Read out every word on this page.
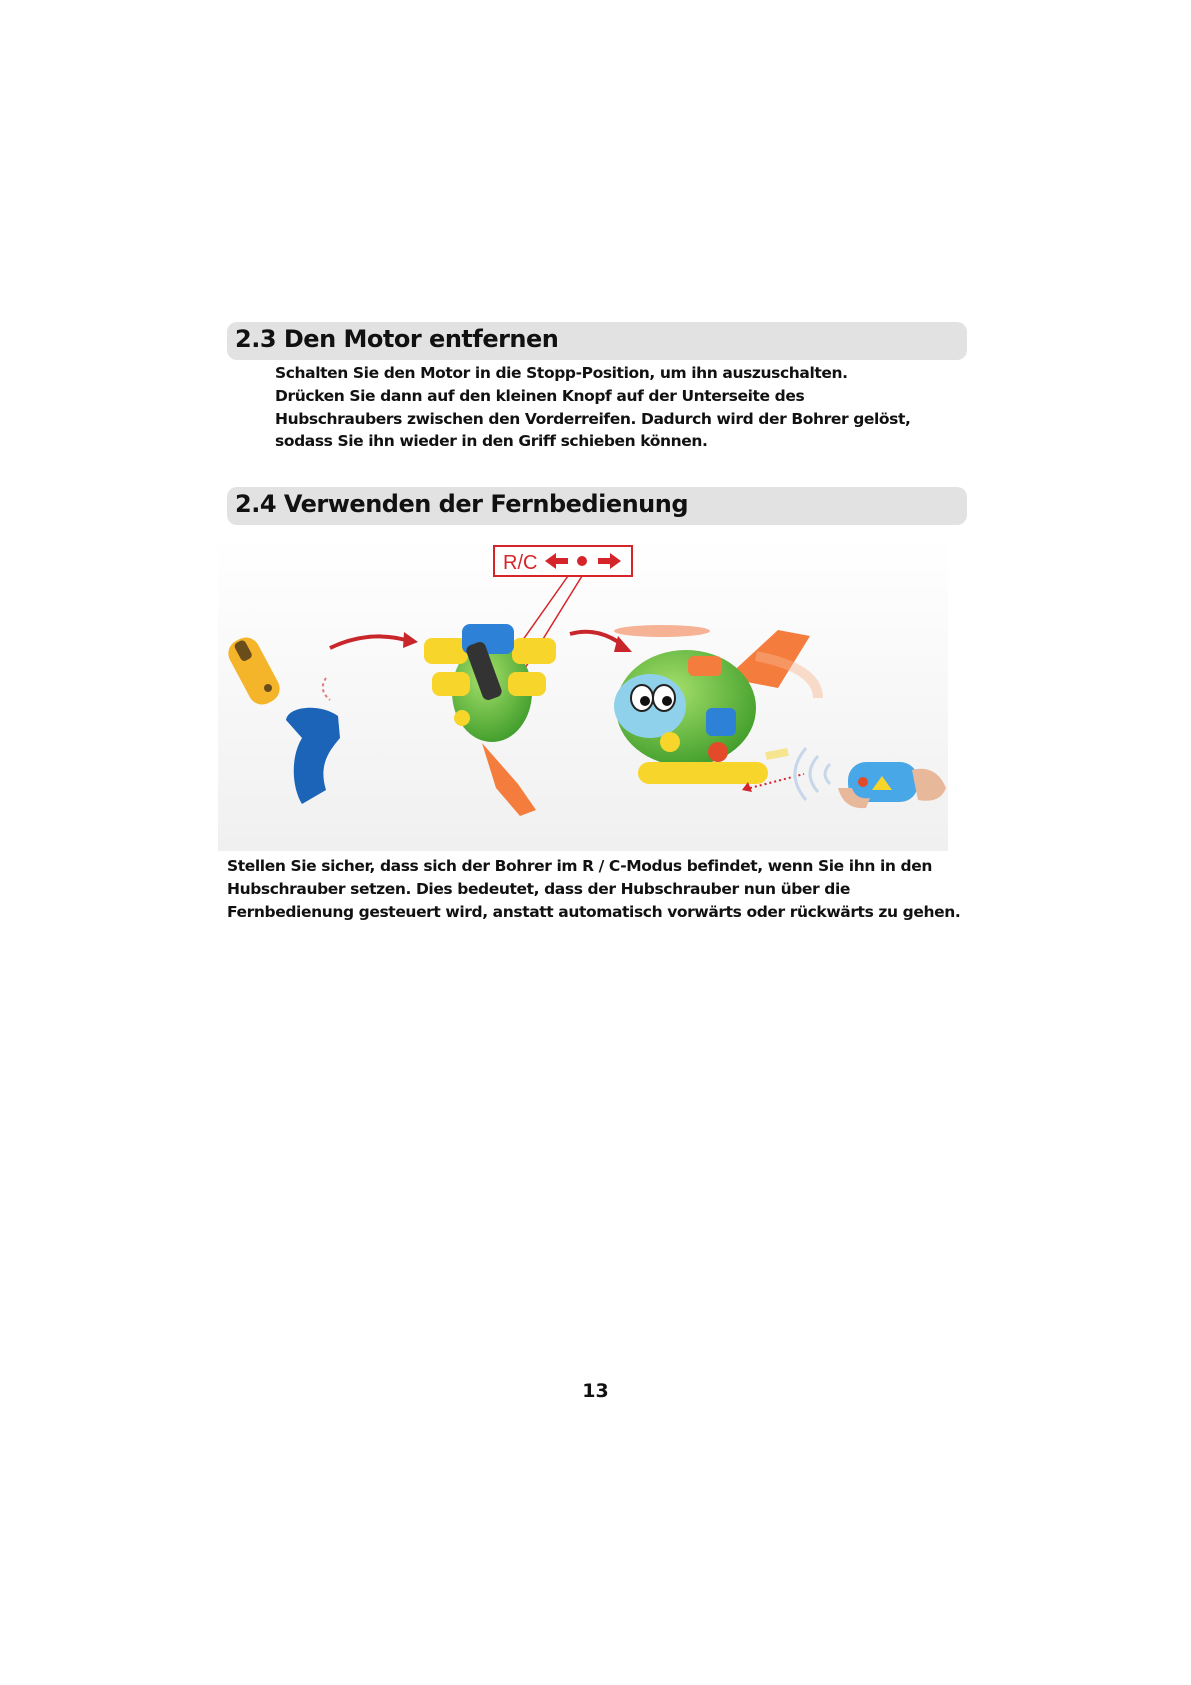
2.3 Den Motor entfernen

Schalten Sie den Motor in die Stopp-Position, um ihn auszuschalten. Drücken Sie dann auf den kleinen Knopf auf der Unterseite des Hubschraubers zwischen den Vorderreifen. Dadurch wird der Bohrer gelöst, sodass Sie ihn wieder in den Griff schieben können.

2.4 Verwenden der Fernbedienung
R/C

Stellen Sie sicher, dass sich der Bohrer im R / C-Modus befindet, wenn Sie ihn in den Hubschrauber setzen. Dies bedeutet, dass der Hubschrauber nun über die Fernbedienung gesteuert wird, anstatt automatisch vorwärts oder rückwärts zu gehen.

13
